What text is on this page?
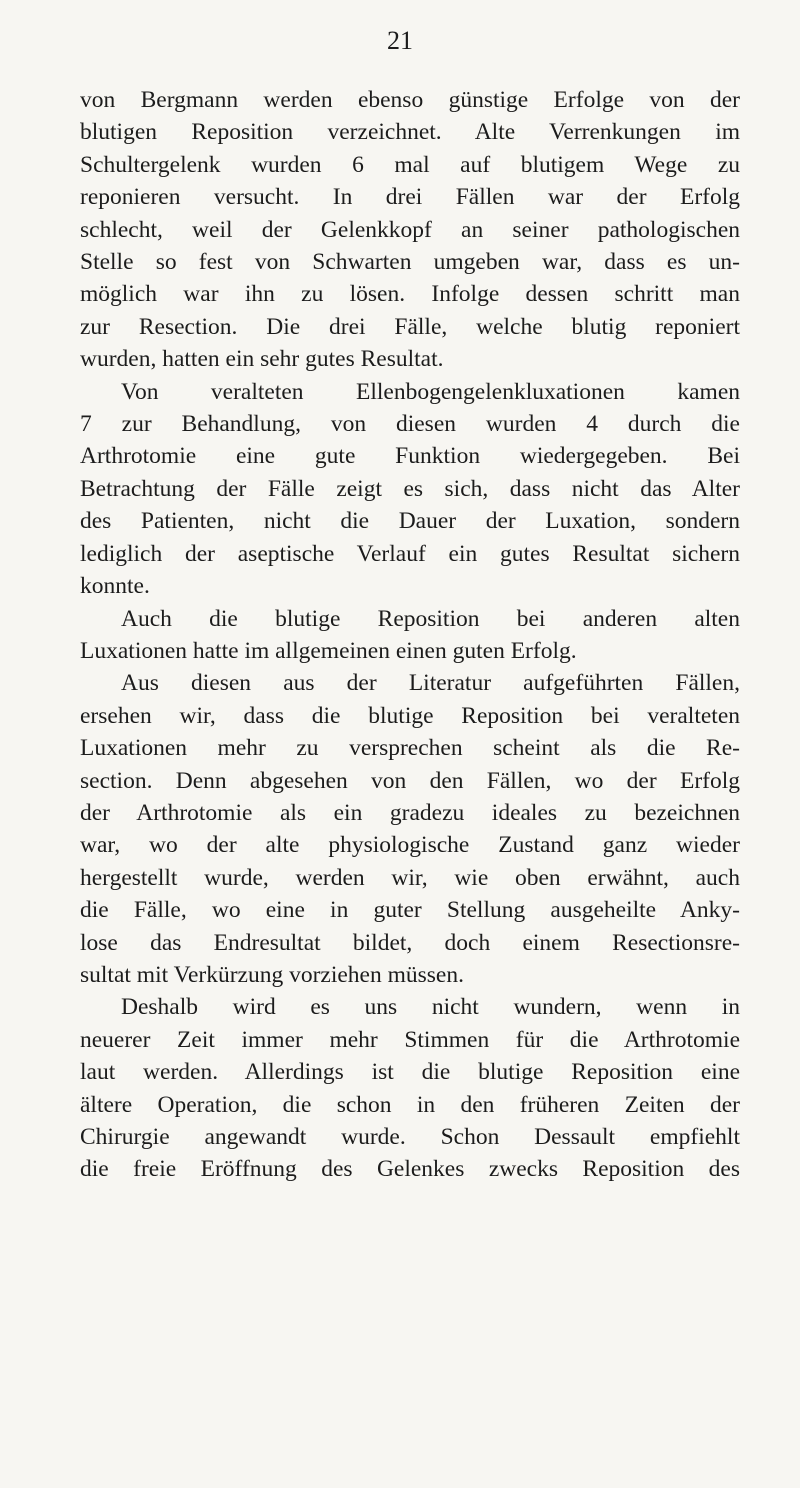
21

von Bergmann werden ebenso günstige Erfolge von der
blutigen Reposition verzeichnet. Alte Verrenkungen im
Schultergelenk wurden 6 mal auf blutigem Wege zu
reponieren versucht. In drei Fällen war der Erfolg
schlecht, weil der Gelenkkopf an seiner pathologischen
Stelle so fest von Schwarten umgeben war, dass es un-
möglich war ihn zu lösen. Infolge dessen schritt man
zur Resection. Die drei Fälle, welche blutig reponiert
wurden, hatten ein sehr gutes Resultat.

Von veralteten Ellenbogengelenkluxationen kamen
7 zur Behandlung, von diesen wurden 4 durch die
Arthrotomie eine gute Funktion wiedergegeben. Bei
Betrachtung der Fälle zeigt es sich, dass nicht das Alter
des Patienten, nicht die Dauer der Luxation, sondern
lediglich der aseptische Verlauf ein gutes Resultat sichern
konnte.

Auch die blutige Reposition bei anderen alten
Luxationen hatte im allgemeinen einen guten Erfolg.

Aus diesen aus der Literatur aufgeführten Fällen,
ersehen wir, dass die blutige Reposition bei veralteten
Luxationen mehr zu versprechen scheint als die Re-
section. Denn abgesehen von den Fällen, wo der Erfolg
der Arthrotomie als ein gradezu ideales zu bezeichnen
war, wo der alte physiologische Zustand ganz wieder
hergestellt wurde, werden wir, wie oben erwähnt, auch
die Fälle, wo eine in guter Stellung ausgeheilte Anky-
lose das Endresultat bildet, doch einem Resectionsre-
sultat mit Verkürzung vorziehen müssen.

Deshalb wird es uns nicht wundern, wenn in
neuerer Zeit immer mehr Stimmen für die Arthrotomie
laut werden. Allerdings ist die blutige Reposition eine
ältere Operation, die schon in den früheren Zeiten der
Chirurgie angewandt wurde. Schon Dessault empfiehlt
die freie Eröffnung des Gelenkes zwecks Reposition des
